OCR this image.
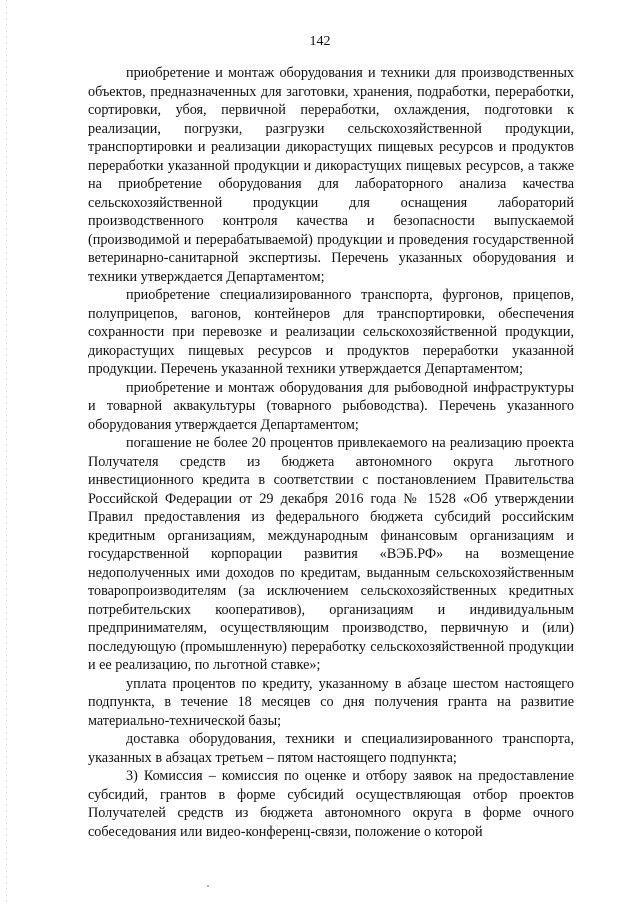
142

приобретение и монтаж оборудования и техники для производственных объектов, предназначенных для заготовки, хранения, подработки, переработки, сортировки, убоя, первичной переработки, охлаждения, подготовки к реализации, погрузки, разгрузки сельскохозяйственной продукции, транспортировки и реализации дикорастущих пищевых ресурсов и продуктов переработки указанной продукции и дикорастущих пищевых ресурсов, а также на приобретение оборудования для лабораторного анализа качества сельскохозяйственной продукции для оснащения лабораторий производственного контроля качества и безопасности выпускаемой (производимой и перерабатываемой) продукции и проведения государственной ветеринарно-санитарной экспертизы. Перечень указанных оборудования и техники утверждается Департаментом;

приобретение специализированного транспорта, фургонов, прицепов, полуприцепов, вагонов, контейнеров для транспортировки, обеспечения сохранности при перевозке и реализации сельскохозяйственной продукции, дикорастущих пищевых ресурсов и продуктов переработки указанной продукции. Перечень указанной техники утверждается Департаментом;

приобретение и монтаж оборудования для рыбоводной инфраструктуры и товарной аквакультуры (товарного рыбоводства). Перечень указанного оборудования утверждается Департаментом;

погашение не более 20 процентов привлекаемого на реализацию проекта Получателя средств из бюджета автономного округа льготного инвестиционного кредита в соответствии с постановлением Правительства Российской Федерации от 29 декабря 2016 года № 1528 «Об утверждении Правил предоставления из федерального бюджета субсидий российским кредитным организациям, международным финансовым организациям и государственной корпорации развития «ВЭБ.РФ» на возмещение недополученных ими доходов по кредитам, выданным сельскохозяйственным товаропроизводителям (за исключением сельскохозяйственных кредитных потребительских кооперативов), организациям и индивидуальным предпринимателям, осуществляющим производство, первичную и (или) последующую (промышленную) переработку сельскохозяйственной продукции и ее реализацию, по льготной ставке»;

уплата процентов по кредиту, указанному в абзаце шестом настоящего подпункта, в течение 18 месяцев со дня получения гранта на развитие материально-технической базы;

доставка оборудования, техники и специализированного транспорта, указанных в абзацах третьем – пятом настоящего подпункта;

3) Комиссия – комиссия по оценке и отбору заявок на предоставление субсидий, грантов в форме субсидий осуществляющая отбор проектов Получателей средств из бюджета автономного округа в форме очного собеседования или видео-конференц-связи, положение о которой
